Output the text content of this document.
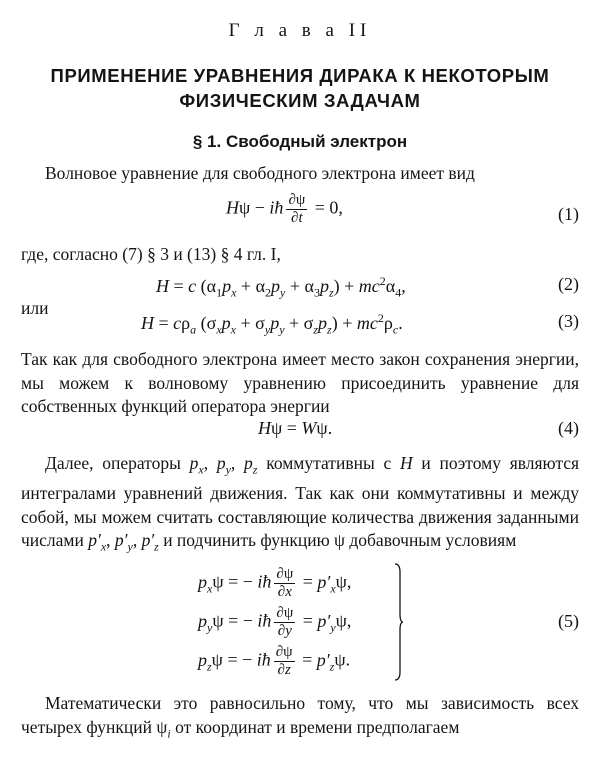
Г л а в а II
ПРИМЕНЕНИЕ УРАВНЕНИЯ ДИРАКА К НЕКОТОРЫМ
ФИЗИЧЕСКИМ ЗАДАЧАМ
§ 1. Свободный электрон
Волновое уравнение для свободного электрона имеет вид
Hψ − iħ $\frac{\partial\psi}{\partial t} = 0$,	(1)
где, согласно (7) § 3 и (13) § 4 гл. I,
H = c $(\alpha_1p_x + \alpha_2p_y + \alpha_3p_z) + mc^2\alpha_4$,	(2)
или
$H = c\rho_a$ $(\sigma_xp_x + \sigma_yp_y + \sigma_zp_z) + mc^2\rho_c$.	(3)
Так как для свободного электрона имеет место закон сохранения энергии, мы можем к волновому уравнению присоединить уравнение для собственных функций оператора энергии
Hψ = Wψ.	(4)
Далее, операторы $p_x$, $p_y$, $p_z$ коммутативны с H и поэтому являются интегралами уравнений движения. Так как они коммутативны и между собой, мы можем считать составляющие количества движения заданными числами $p'_x$, $p'_y$, $p'_z$ и подчинить функцию ψ добавочным условиям
$p_x\psi$ = − iħ $\frac{\partial\psi}{\partial x} = p'_x\psi$,
$p_y\psi$ = − iħ $\frac{\partial\psi}{\partial y} = p'_y\psi$,
$p_z\psi$ = − iħ $\frac{\partial\psi}{\partial z} = p'_z\psi$.
(5)
Математически это равносильно тому, что мы зависимость всех четырех функций $\psi_i$ от координат и времени предполагаем
